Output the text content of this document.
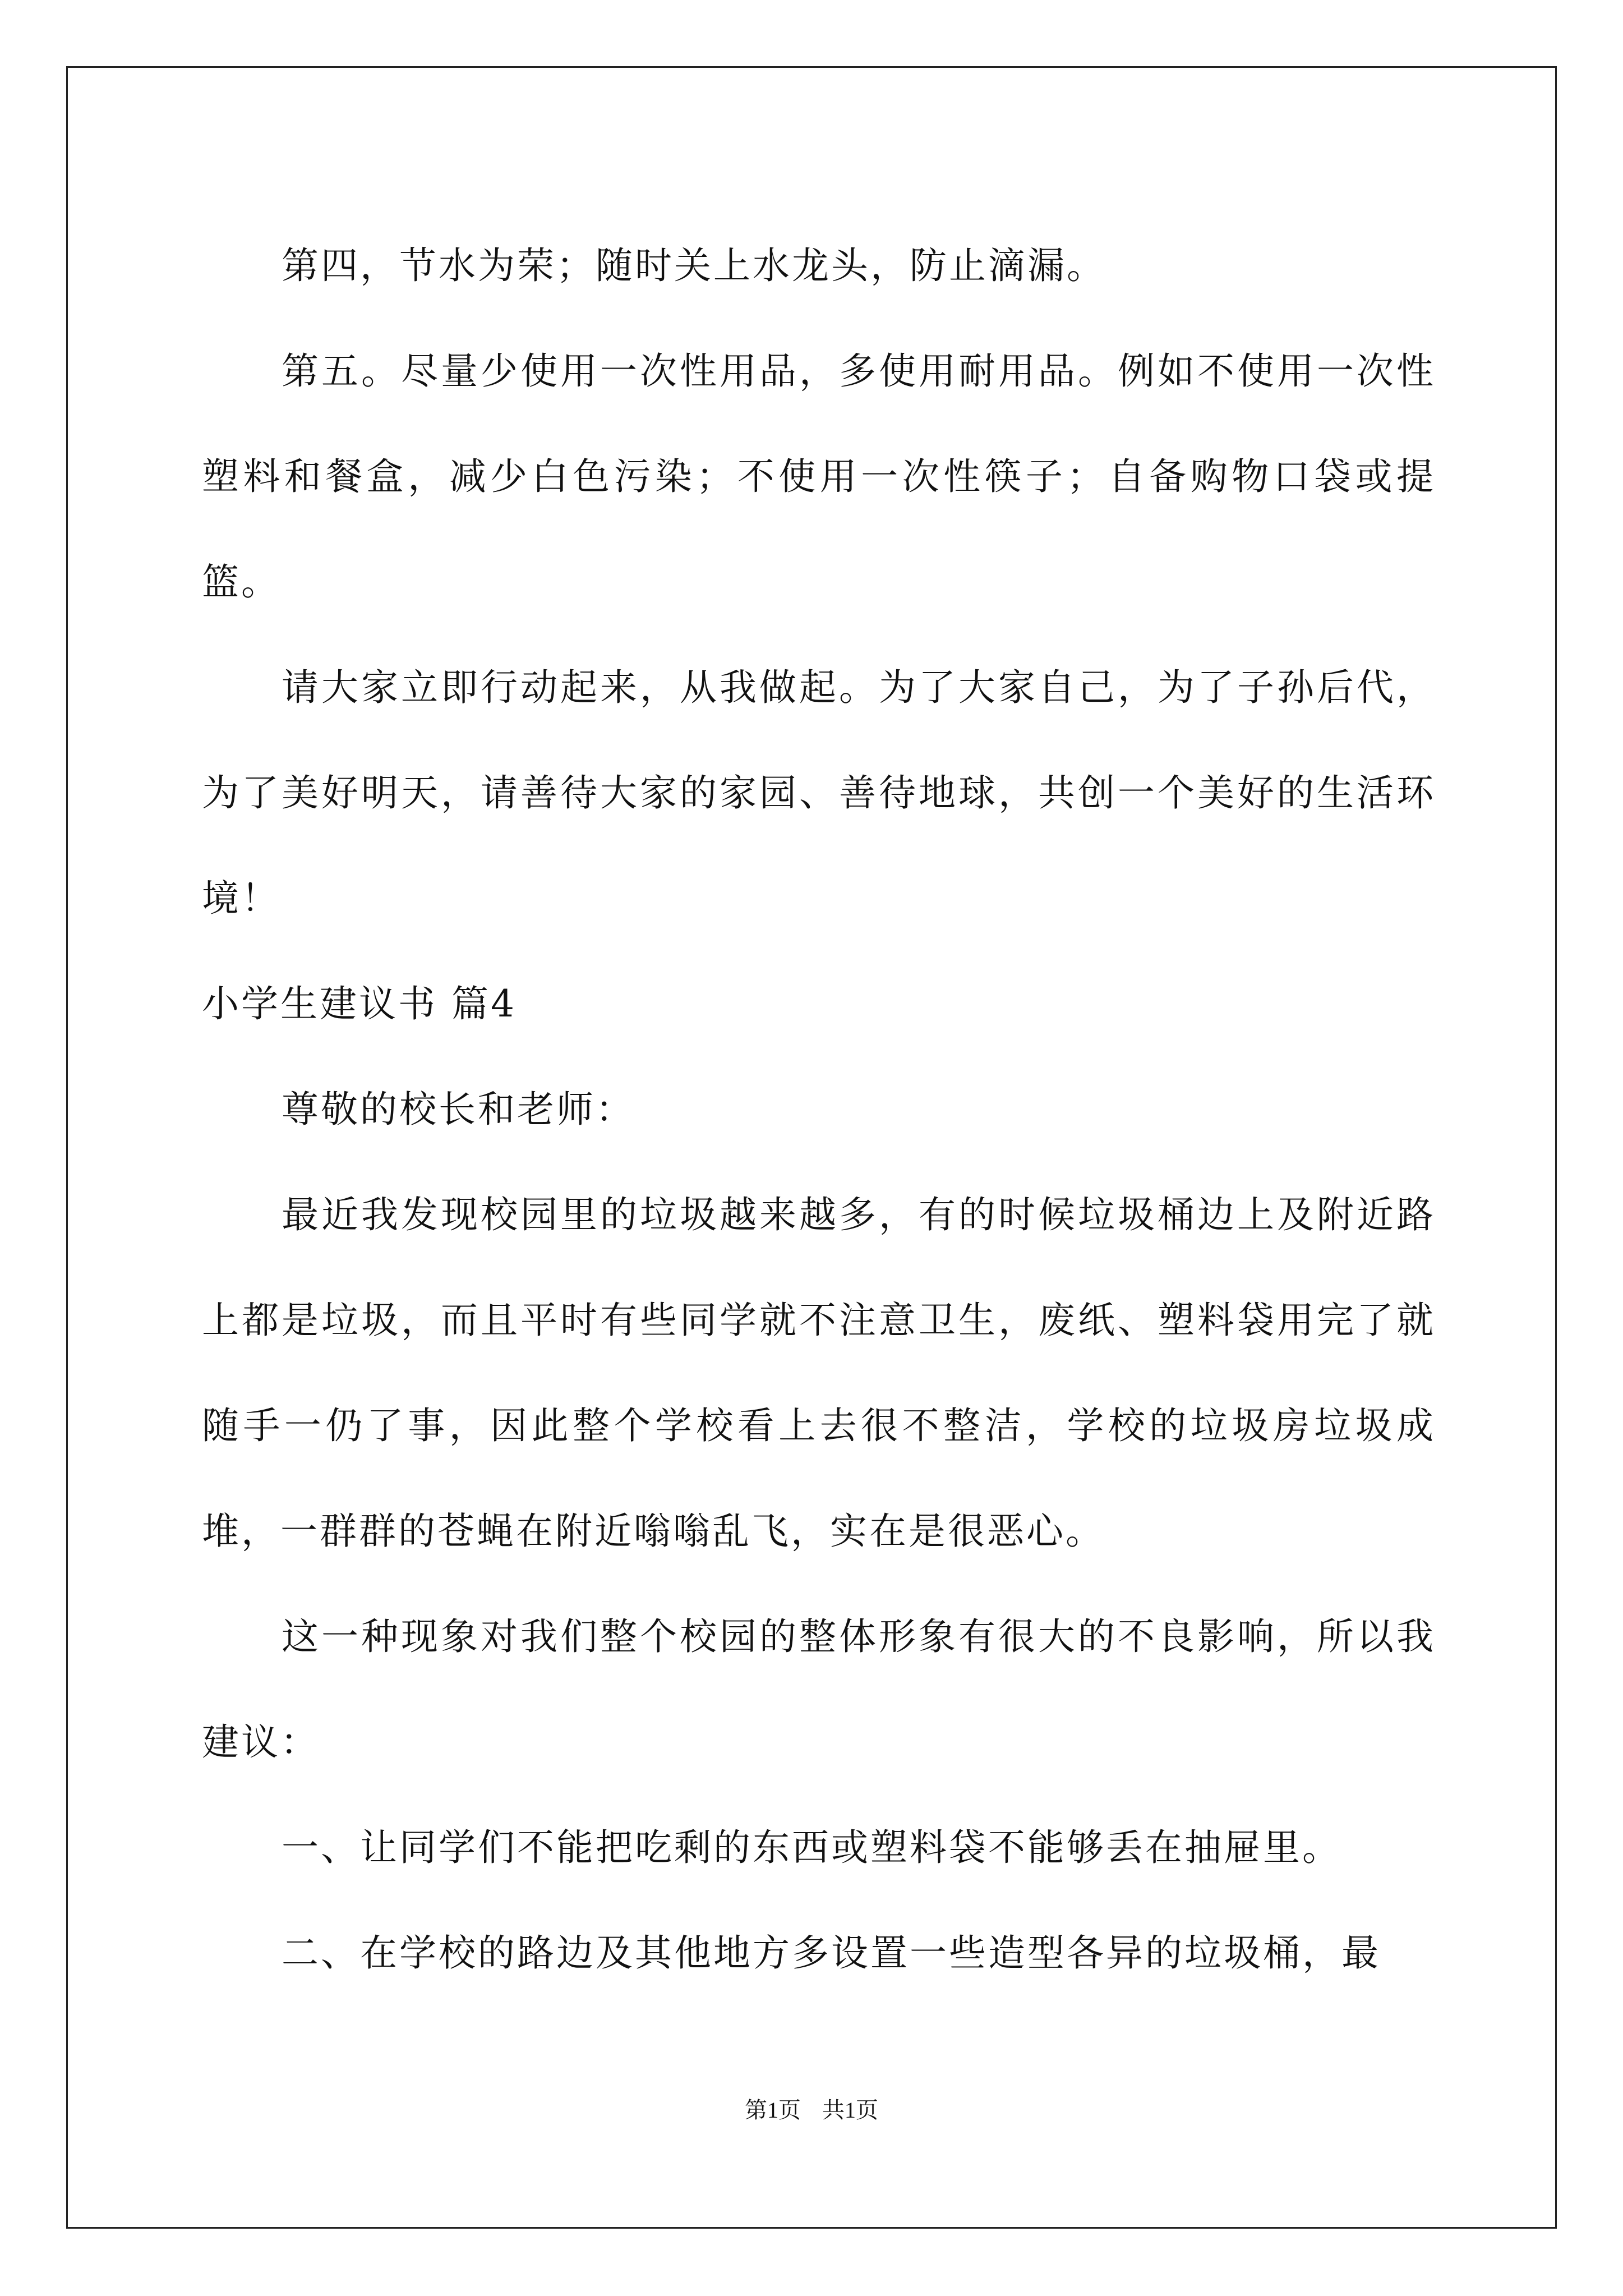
第四，节水为荣；随时关上水龙头，防止滴漏。

第五。尽量少使用一次性用品，多使用耐用品。例如不使用一次性塑料和餐盒，减少白色污染；不使用一次性筷子；自备购物口袋或提篮。

请大家立即行动起来，从我做起。为了大家自己，为了子孙后代，为了美好明天，请善待大家的家园、善待地球，共创一个美好的生活环境！

小学生建议书 篇4

尊敬的校长和老师：

最近我发现校园里的垃圾越来越多，有的时候垃圾桶边上及附近路上都是垃圾，而且平时有些同学就不注意卫生，废纸、塑料袋用完了就随手一仍了事，因此整个学校看上去很不整洁，学校的垃圾房垃圾成堆，一群群的苍蝇在附近嗡嗡乱飞，实在是很恶心。

这一种现象对我们整个校园的整体形象有很大的不良影响，所以我建议：

一、让同学们不能把吃剩的东西或塑料袋不能够丢在抽屉里。

二、在学校的路边及其他地方多设置一些造型各异的垃圾桶，最

第1页 共1页
